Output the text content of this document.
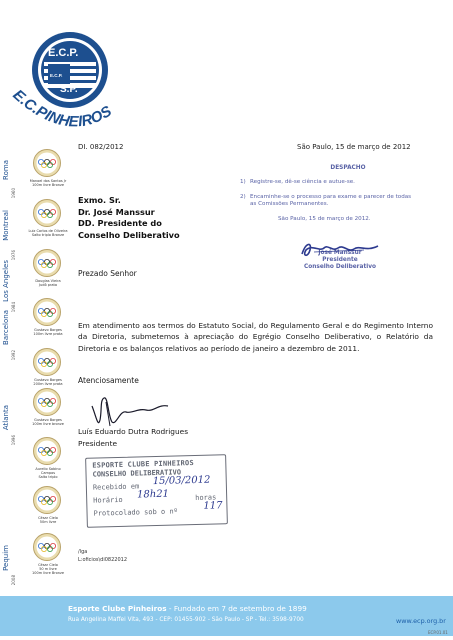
E.C.P.
E.C.P.
S.P.
E.C.PINHEIROS
Roma
1960
Montreal
1976
Los Angeles
1984
Barcelona
1992
Atlanta
1996
Pequim
2008
Manoel dos Santos Jr
100m livre Bronze
Luiz Carlos de Oliveira
Salto triplo Bronze
Douglas Vieira
Judô prata
Gustavo Borges
100m livre prata
Gustavo Borges
200m livre prata
Gustavo Borges
100m livre bronze
Aurelio Sabino Campos
Salto triplo
César Cielo
50m livre
César Cielo
50 m livre
100m livre Bronze
DI. 082/2012	São Paulo, 15 de março de 2012
Exmo. Sr.
Dr. José Manssur
DD. Presidente do
Conselho Deliberativo
DESPACHO
1) Registre-se, dê-se ciência e autue-se.
2) Encaminhe-se o processo para exame e parecer de todas as Comissões Permanentes.
São Paulo, 15 de março de 2012.
José Manssur
Presidente
Conselho Deliberativo
Prezado Senhor
Em atendimento aos termos do Estatuto Social, do Regulamento Geral e do Regimento Interno da Diretoria, submetemos à apreciação do Egrégio Conselho Deliberativo, o Relatório da Diretoria e os balanços relativos ao período de janeiro a dezembro de 2011.
Atenciosamente
Luís Eduardo Dutra Rodrigues
Presidente
ESPORTE CLUBE PINHEIROS
CONSELHO DELIBERATIVO
Recebido em 15/03/2012
Horário 18h21	horas
Protocolado sob o nº
117
/lga
L:oficios\di0822012
Esporte Clube Pinheiros - Fundado em 7 de setembro de 1899
Rua Angelina Maffei Vita, 493 - CEP: 01455-902 - São Paulo - SP - Tel.: 3598-9700	www.ecp.org.br
ECP.01.01
